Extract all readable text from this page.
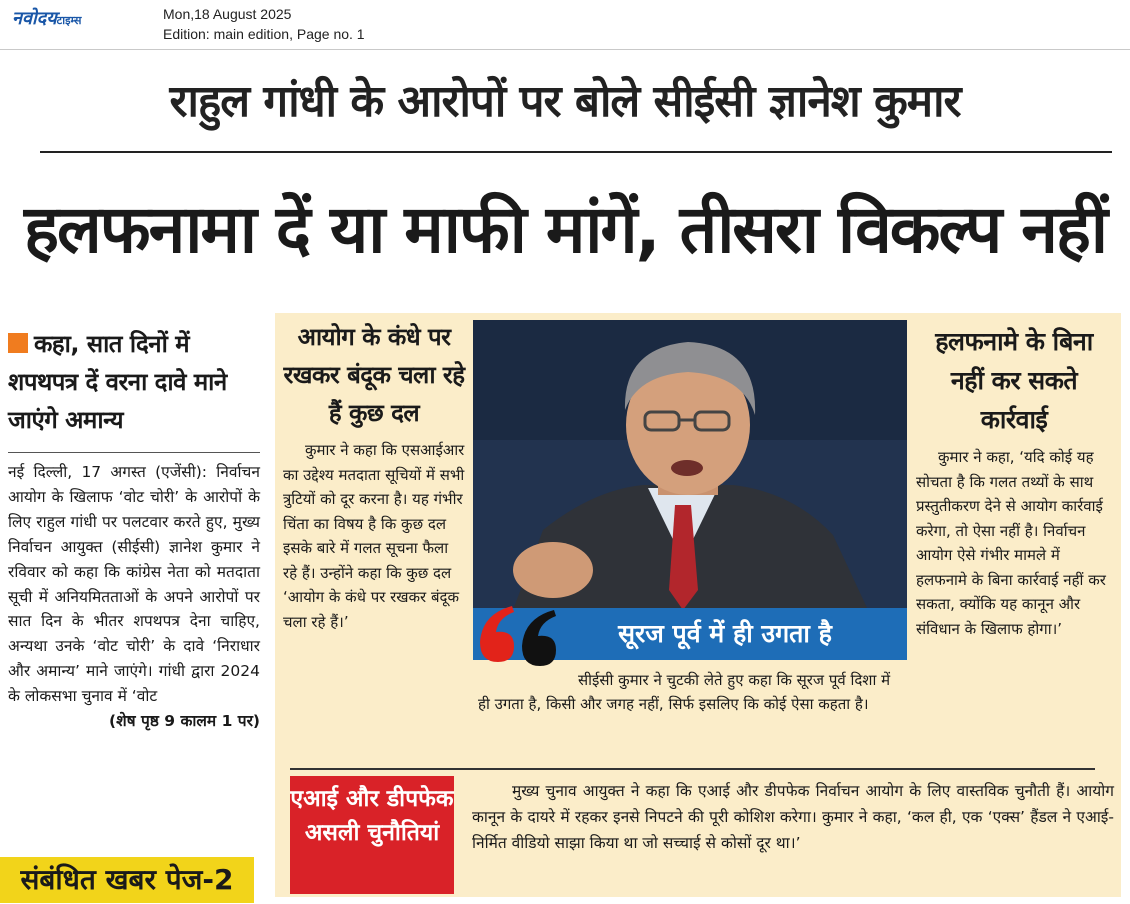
नवोदयटाइम्स	Mon,18 August 2025
Edition: main edition, Page no. 1
राहुल गांधी के आरोपों पर बोले सीईसी ज्ञानेश कुमार
हलफनामा दें या माफी मांगें, तीसरा विकल्प नहीं
कहा, सात दिनों में शपथपत्र दें वरना दावे माने जाएंगे अमान्य
नई दिल्ली, 17 अगस्त (एजेंसी): निर्वाचन आयोग के खिलाफ ‘वोट चोरी’ के आरोपों के लिए राहुल गांधी पर पलटवार करते हुए, मुख्य निर्वाचन आयुक्त (सीईसी) ज्ञानेश कुमार ने रविवार को कहा कि कांग्रेस नेता को मतदाता सूची में अनियमितताओं के अपने आरोपों पर सात दिन के भीतर शपथपत्र देना चाहिए, अन्यथा उनके ‘वोट चोरी’ के दावे ‘निराधार और अमान्य’ माने जाएंगे। गांधी द्वारा 2024 के लोकसभा चुनाव में ‘वोट
(शेष पृष्ठ 9 कालम 1 पर)
संबंधित खबर पेज-2
आयोग के कंधे पर रखकर बंदूक चला रहे हैं कुछ दल

कुमार ने कहा कि एसआईआर का उद्देश्य मतदाता सूचियों में सभी त्रुटियों को दूर करना है। यह गंभीर चिंता का विषय है कि कुछ दल इसके बारे में गलत सूचना फैला रहे हैं। उन्होंने कहा कि कुछ दल ‘आयोग के कंधे पर रखकर बंदूक चला रहे हैं।’	सूरज पूर्व में ही उगता है

सीईसी कुमार ने चुटकी लेते हुए कहा कि सूरज पूर्व दिशा में ही उगता है, किसी और जगह नहीं, सिर्फ इसलिए कि कोई ऐसा कहता है।

हलफनामे के बिना नहीं कर सकते कार्रवाई

कुमार ने कहा, ‘यदि कोई यह सोचता है कि गलत तथ्यों के साथ प्रस्तुतीकरण देने से आयोग कार्रवाई करेगा, तो ऐसा नहीं है। निर्वाचन आयोग ऐसे गंभीर मामले में हलफनामे के बिना कार्रवाई नहीं कर सकता, क्योंकि यह कानून और संविधान के खिलाफ होगा।’

एआई और डीपफेक असली चुनौतियां

मुख्य चुनाव आयुक्त ने कहा कि एआई और डीपफेक निर्वाचन आयोग के लिए वास्तविक चुनौती हैं। आयोग कानून के दायरे में रहकर इनसे निपटने की पूरी कोशिश करेगा। कुमार ने कहा, ‘कल ही, एक ‘एक्स’ हैंडल ने एआई-निर्मित वीडियो साझा किया था जो सच्चाई से कोसों दूर था।’
